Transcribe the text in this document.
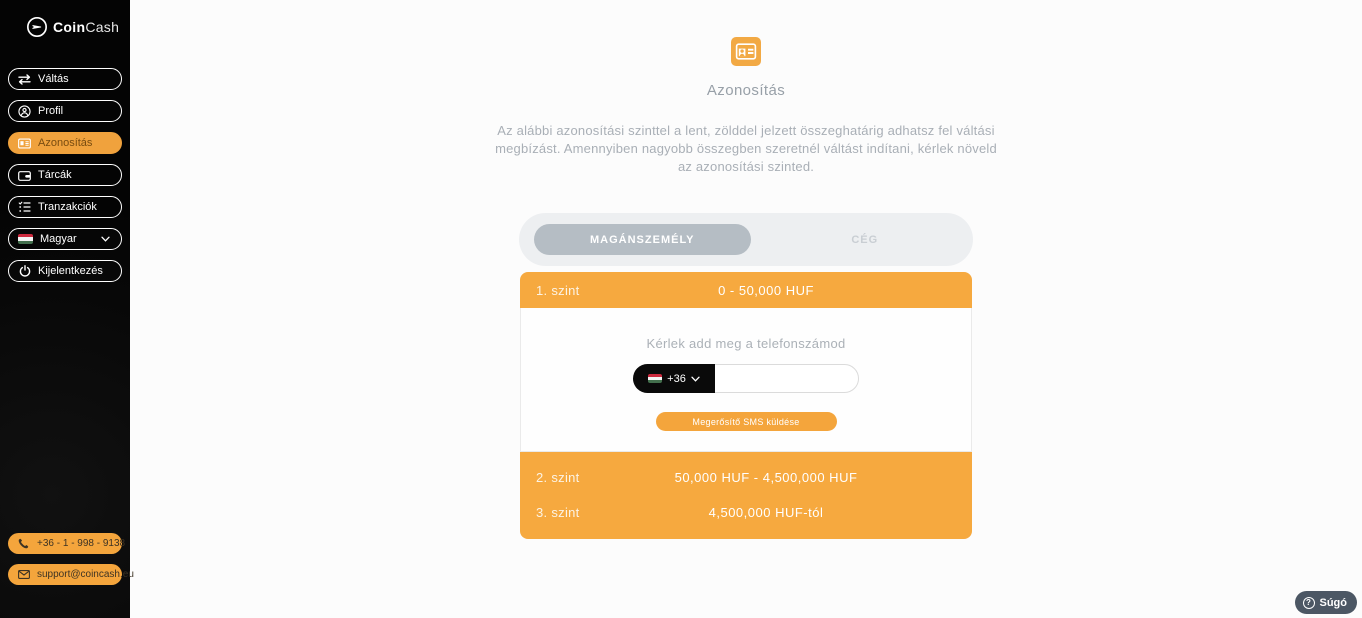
CoinCash
Váltás
Profil
Azonosítás
Tárcák
Tranzakciók
Magyar
Kijelentkezés
+36 - 1 - 998 - 9138
support@coincash.eu
Azonosítás

Az alábbi azonosítási szinttel a lent, zölddel jelzett összeghatárig adhatsz fel váltási megbízást. Amennyiben nagyobb összegben szeretnél váltást indítani, kérlek növeld az azonosítási szinted.

MAGÁNSZEMÉLY	CÉG
1. szint	0 - 50,000 HUF

Kérlek add meg a telefonszámod

+36
Megerősítő SMS küldése
2. szint	50,000 HUF - 4,500,000 HUF
3. szint	4,500,000 HUF-tól
? Súgó
